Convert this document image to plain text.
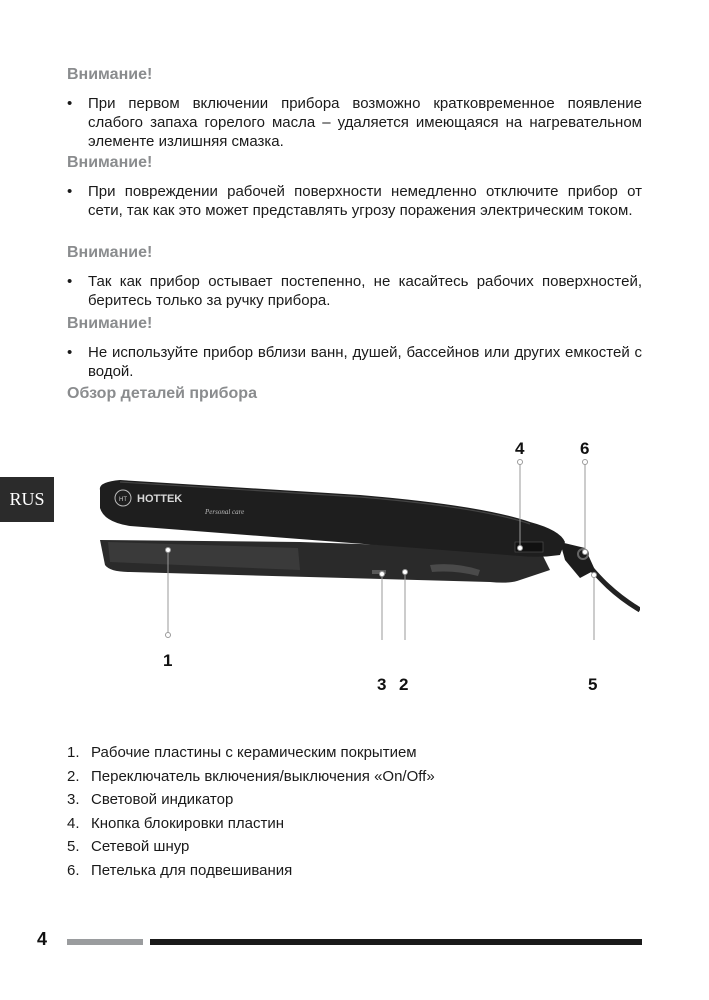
Внимание!
• При первом включении прибора возможно кратковременное появление слабого запаха горелого масла – удаляется имеющаяся на нагревательном элементе излишняя смазка.
Внимание!
• При повреждении рабочей поверхности немедленно отключите прибор от сети, так как это может представлять угрозу поражения электрическим током.
Внимание!
• Так как прибор остывает постепенно, не касайтесь рабочих поверхностей, беритесь только за ручку прибора.
Внимание!
• Не используйте прибор вблизи ванн, душей, бассейнов или других емкостей с водой.
Обзор деталей прибора
RUS	HT HOTTEK
Personal care
1
2
3
4
5
6
1. Рабочие пластины с керамическим покрытием
2. Переключатель включения/выключения «On/Off»
3. Световой индикатор
4. Кнопка блокировки пластин
5. Сетевой шнур
6. Петелька для подвешивания
4
